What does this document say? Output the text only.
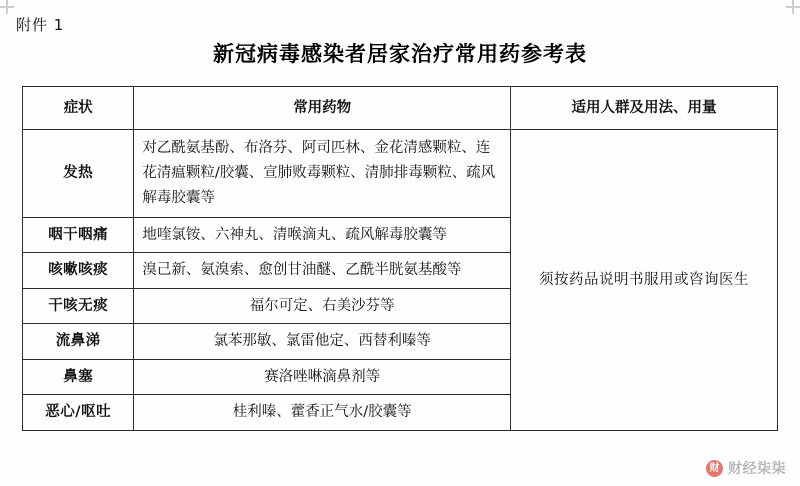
附件 1
新冠病毒感染者居家治疗常用药参考表
症状	常用药物	适用人群及用法、用量
发热	对乙酰氨基酚、布洛芬、阿司匹林、金花清感颗粒、连花清瘟颗粒/胶囊、宣肺败毒颗粒、清肺排毒颗粒、疏风解毒胶囊等	须按药品说明书服用或咨询医生
咽干咽痛	地喹氯铵、六神丸、清喉滴丸、疏风解毒胶囊等	
咳嗽咳痰	溴己新、氨溴索、愈创甘油醚、乙酰半胱氨基酸等	
干咳无痰	福尔可定、右美沙芬等	
流鼻涕	氯苯那敏、氯雷他定、西替利嗪等	
鼻塞	赛洛唑啉滴鼻剂等	
恶心/呕吐	桂利嗪、藿香正气水/胶囊等	
财 财经柒柒
